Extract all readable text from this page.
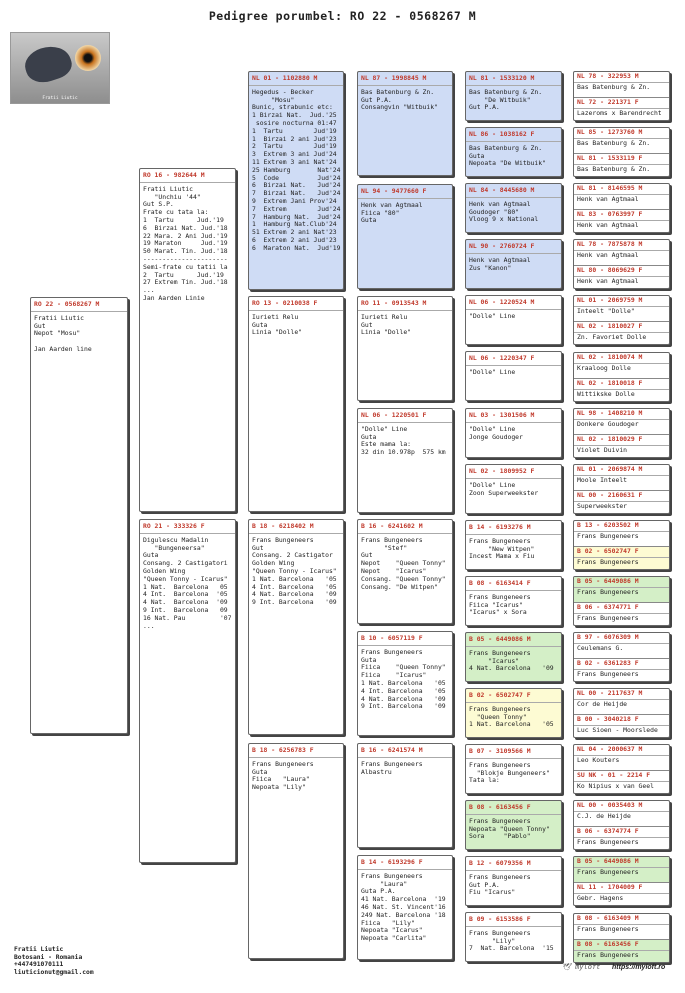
Pedigree porumbel: RO 22 - 0568267 M
Fratii Liutic
RO 22 - 0568267 M
Fratii Liutic
Gut
Nepot "Mosu"

Jan Aarden line
RO 16 - 982644 M
Fratii Liutic
"Unchiu '44"
Gut S.P.
Frate cu tata la:
1  Tartu      Jud.'19
6  Birzai Nat. Jud.'18
22 Mara. 2 Ani Jud.'19
19 Maraton     Jud.'19
50 Marat. Tin. Jud.'18
----------------------
Semi-frate cu tatii la
2  Tartu      Jud.'19
27 Extrem Tin. Jud.'18
...
Jan Aarden Linie
RO 21 - 333326 F
Digulescu Madalin
"Bungeneersa"
Guta
Consang. 2 Castigatori
Golden Wing
"Queen Tonny - Icarus"
1 Nat.  Barcelona   05
4 Int.  Barcelona  '05
4 Nat.  Barcelona  '09
9 Int.  Barcelona   09
16 Nat. Pau         '07
...
NL 01 - 1102880 M
Hegedus - Becker
"Mosu"
Bunic, strabunic etc:
1 Birzai Nat.  Jud.'25
sosire nocturna 01:47
1  Tartu        Jud'19
1  Birzai 2 ani Jud'23
2  Tartu        Jud'19
3  Extrem 3 ani Jud'24
11 Extrem 3 ani Nat'24
25 Hamburg       Nat'24
5  Code          Jud'24
6  Birzai Nat.   Jud'24
7  Birzai Nat.   Jud'24
9  Extrem Jani Prov'24
7  Extrem        Jud'24
7  Hamburg Nat.  Jud'24
1  Hamburg Nat.Club'24
51 Extrem 2 ani Nat'23
6  Extrem 2 ani Jud'23
6  Maraton Nat.  Jud'19
RO 13 - 0210038 F
Iurieti Relu
Guta
Linia "Dolle"
B 18 - 6218402 M
Frans Bungeneers
Gut
Consang. 2 Castigator
Golden Wing
"Queen Tonny - Icarus"
1 Nat. Barcelona   '05
4 Int. Barcelona   '05
4 Nat. Barcelona   '09
9 Int. Barcelona   '09
B 18 - 6256783 F
Frans Bungeneers
Guta
Fiica   "Laura"
Nepoata "Lily"
NL 87 - 1998845 M
Bas Batenburg & Zn.
Gut P.A.
Consangvin "Witbuik"
NL 94 - 9477660 F
Henk van Agtmaal
Fiica "80"
Guta
RO 11 - 0913543 M
Iurieti Relu
Gut
Linia "Dolle"
NL 06 - 1220501 F
"Dolle" Line
Guta
Este mama la:
32 din 10.978p  575 km
B 16 - 6241602 M
Frans Bungeneers
"Stef"
Gut
Nepot    "Queen Tonny"
Nepot    "Icarus"
Consang. "Queen Tonny"
Consang. "De Witpen"
B 10 - 6057119 F
Frans Bungeneers
Guta
Fiica    "Queen Tonny"
Fiica    "Icarus"
1 Nat. Barcelona   '05
4 Int. Barcelona   '05
4 Nat. Barcelona   '09
9 Int. Barcelona   '09
B 16 - 6241574 M
Frans Bungeneers
Albastru
B 14 - 6193296 F
Frans Bungeneers
"Laura"
Guta P.A.
41 Nat. Barcelona  '19
46 Nat. St. Vincent'16
249 Nat. Barcelona '18
Fiica   "Lily"
Nepoata "Icarus"
Nepoata "Carlita"
NL 81 - 1533120 M
Bas Batenburg & Zn.
"De Witbuik"
Gut P.A.
NL 86 - 1038162 F
Bas Batenburg & Zn.
Guta
Nepoata "De Witbuik"
NL 84 - 8445680 M
Henk van Agtmaal
Goudoger "80"
Vloog 9 x National
NL 90 - 2760724 F
Henk van Agtmaal
Zus "Kanon"
NL 06 - 1220524 M
"Dolle" Line
NL 06 - 1220347 F
"Dolle" Line
NL 03 - 1301506 M
"Dolle" Line
Jonge Goudoger
NL 02 - 1809952 F
"Dolle" Line
Zoon Superweekster
B 14 - 6193276 M
Frans Bungeneers
"New Witpen"
Incest Mama x Fiu
B 08 - 6163414 F
Frans Bungeneers
Fiica "Icarus"
"Icarus" x Sora
B 05 - 6449086 M
Frans Bungeneers
"Icarus"
4 Nat. Barcelona   '09
B 02 - 6502747 F
Frans Bungeneers
"Queen Tonny"
1 Nat. Barcelona   '05
B 07 - 3109566 M
Frans Bungeneers
"Blokje Bungeneers"
Tata la:
B 08 - 6163456 F
Frans Bungeneers
Nepoata "Queen Tonny"
Sora     "Pablo"
B 12 - 6079356 M
Frans Bungeneers
Gut P.A.
Fiu "Icarus"
B 09 - 6153586 F
Frans Bungeneers
"Lily"
7  Nat. Barcelona  '15
NL 78 - 322953 M
Bas Batenburg & Zn.
NL 72 - 221371 F
Lazeroms x Barendrecht
NL 85 - 1273760 M
Bas Batenburg & Zn.
NL 81 - 1533119 F
Bas Batenburg & Zn.
NL 81 - 8146595 M
Henk van Agtmaal
NL 83 - 0763997 F
Henk van Agtmaal
NL 78 - 7875878 M
Henk van Agtmaal
NL 80 - 8069629 F
Henk van Agtmaal
NL 01 - 2069759 M
Inteelt "Dolle"
NL 02 - 1810027 F
Zn. Favoriet Dolle
NL 02 - 1810074 M
Kraaloog Dolle
NL 02 - 1810018 F
Wittikske Dolle
NL 98 - 1408210 M
Donkere Goudoger
NL 02 - 1810029 F
Violet Duivin
NL 01 - 2069874 M
Moole Inteelt
NL 00 - 2160631 F
Superweekster
B 13 - 6203502 M
Frans Bungeneers
B 02 - 6502747 F
Frans Bungeneers
B 05 - 6449086 M
Frans Bungeneers
B 06 - 6374771 F
Frans Bungeneers
B 97 - 6076309 M
Ceulemans G.
B 02 - 6361283 F
Frans Bungeneers
NL 00 - 2117637 M
Cor de Heijde
B 00 - 3040218 F
Luc Sioen - Moorslede
NL 04 - 2000637 M
Leo Kouters
SU NK - 01 - 2214 F
Ko Nipius x van Geel
NL 00 - 0035403 M
C.J. de Heijde
B 06 - 6374774 F
Frans Bungeneers
B 05 - 6449086 M
Frans Bungeneers
NL 11 - 1704009 F
Gebr. Hagens
B 08 - 6163409 M
Frans Bungeneers
B 08 - 6163456 F
Frans Bungeneers
Fratii Liutic
Botosani - Romania
+447491070111
liuticionut@gmail.com
🕊 myloft https://myloft.ro
